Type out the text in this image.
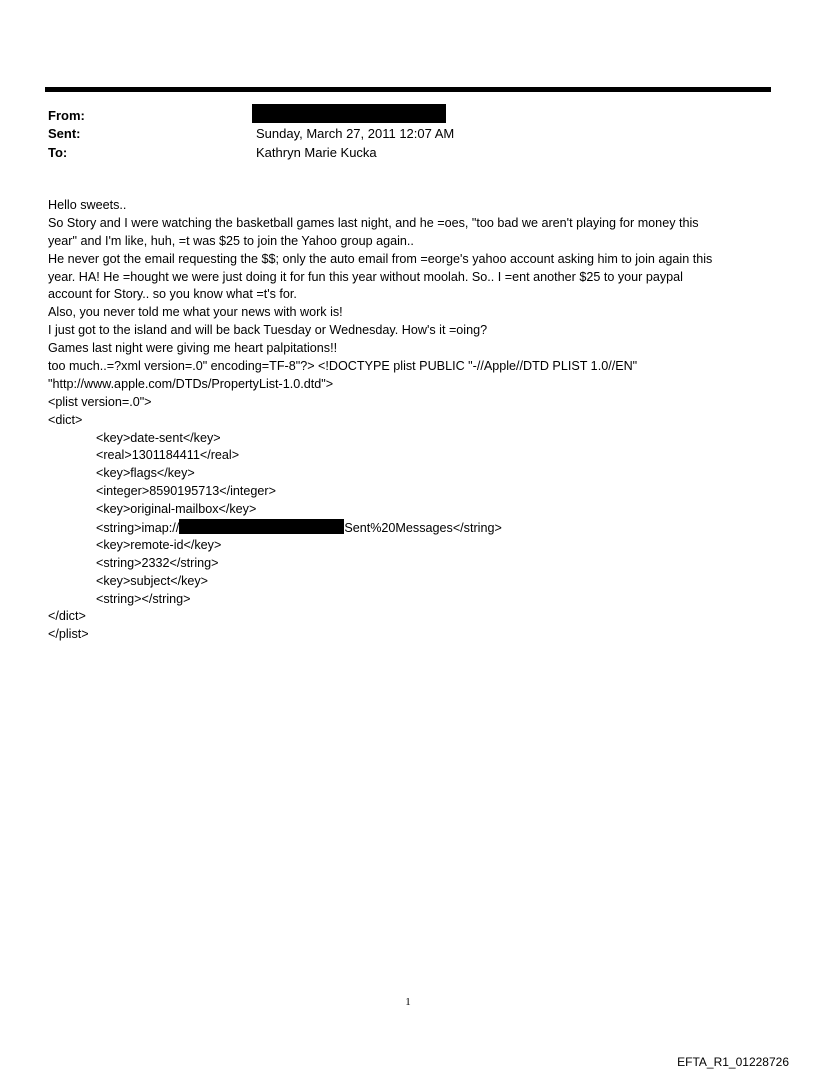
From:
Sent:	Sunday, March 27, 2011 12:07 AM
To:	Kathryn Marie Kucka
Hello sweets..
So Story and I were watching the basketball games last night, and he =oes, "too bad we aren't playing for money this
year" and I'm like, huh, =t was $25 to join the Yahoo group again..
He never got the email requesting the $$; only the auto email from =eorge's yahoo account asking him to join again this
year. HA! He =hought we were just doing it for fun this year without moolah. So.. I =ent another $25 to your paypal
account for Story.. so you know what =t's for.
Also, you never told me what your news with work is!
I just got to the island and will be back Tuesday or Wednesday. How's it =oing?
Games last night were giving me heart palpitations!!
too much..=?xml version=.0" encoding=TF-8"?> <!DOCTYPE plist PUBLIC "-//Apple//DTD PLIST 1.0//EN"
"http://www.apple.com/DTDs/PropertyList-1.0.dtd">
<plist version=.0">
<dict>
<key>date-sent</key>
<real>1301184411</real>
<key>flags</key>
<integer>8590195713</integer>
<key>original-mailbox</key>
<string>imap://	Sent%20Messages</string>
<key>remote-id</key>
<string>2332</string>
<key>subject</key>
<string></string>
</dict>
</plist>
1
EFTA_R1_01228726
